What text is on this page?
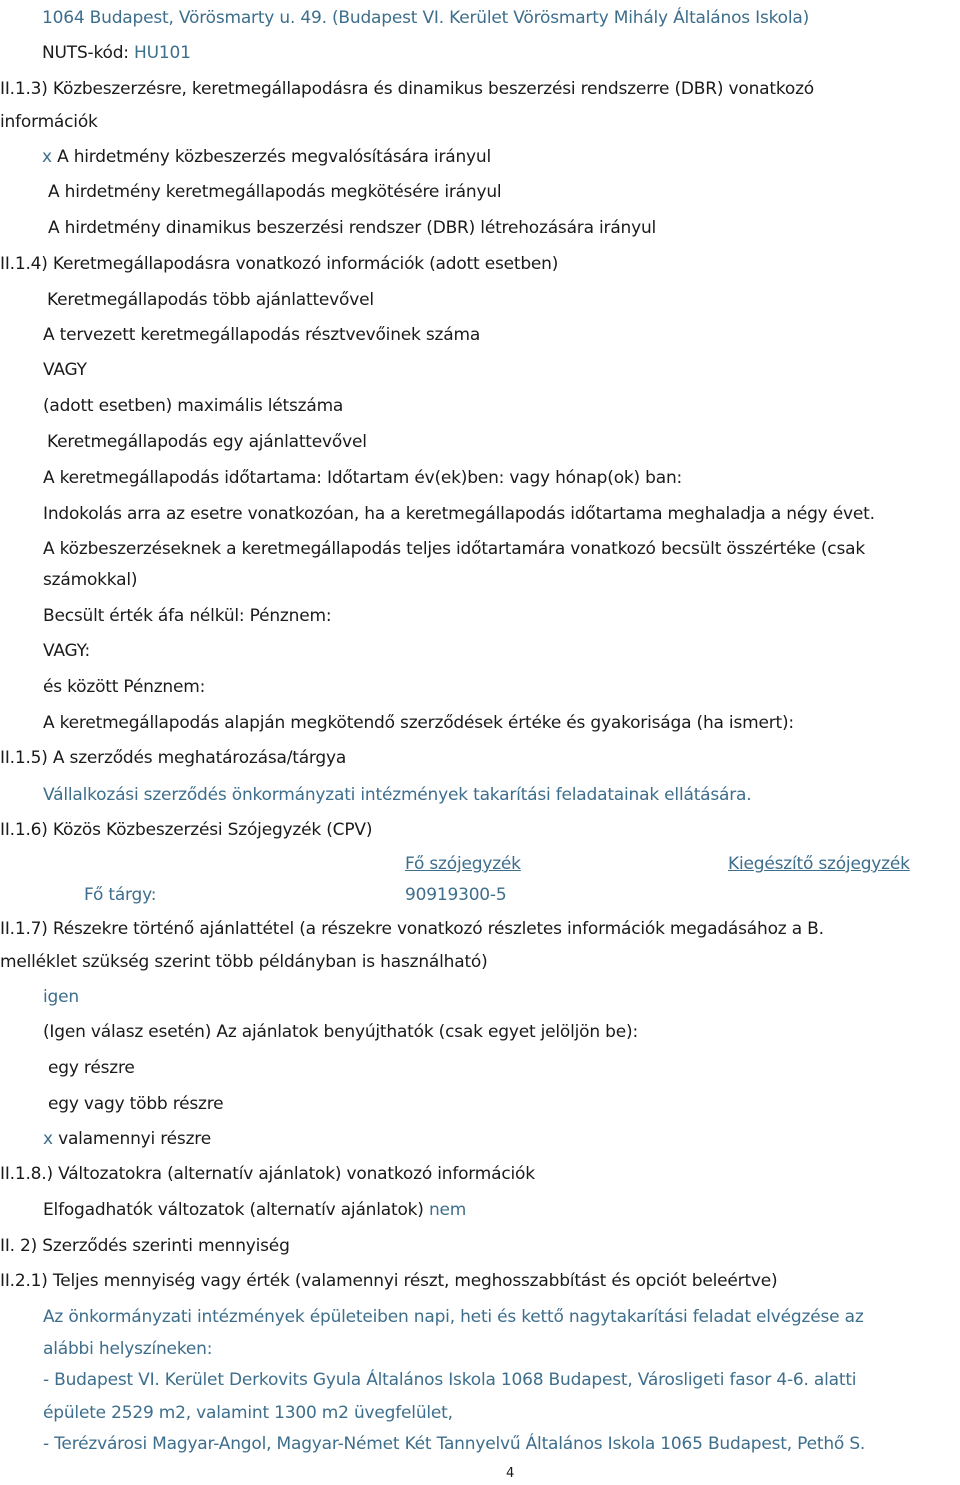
1064 Budapest, Vörösmarty u. 49. (Budapest VI. Kerület Vörösmarty Mihály Általános Iskola)
NUTS-kód: HU101
II.1.3) Közbeszerzésre, keretmegállapodásra és dinamikus beszerzési rendszerre (DBR) vonatkozó
információk
x A hirdetmény közbeszerzés megvalósítására irányul
A hirdetmény keretmegállapodás megkötésére irányul
A hirdetmény dinamikus beszerzési rendszer (DBR) létrehozására irányul
II.1.4) Keretmegállapodásra vonatkozó információk (adott esetben)
Keretmegállapodás több ajánlattevővel
A tervezett keretmegállapodás résztvevőinek száma
VAGY
(adott esetben) maximális létszáma
Keretmegállapodás egy ajánlattevővel
A keretmegállapodás időtartama: Időtartam év(ek)ben: vagy hónap(ok) ban:
Indokolás arra az esetre vonatkozóan, ha a keretmegállapodás időtartama meghaladja a négy évet.
A közbeszerzéseknek a keretmegállapodás teljes időtartamára vonatkozó becsült összértéke (csak
számokkal)
Becsült érték áfa nélkül: Pénznem:
VAGY:
és között Pénznem:
A keretmegállapodás alapján megkötendő szerződések értéke és gyakorisága (ha ismert):
II.1.5) A szerződés meghatározása/tárgya
Vállalkozási szerződés önkormányzati intézmények takarítási feladatainak ellátására.
II.1.6) Közös Közbeszerzési Szójegyzék (CPV)
Fő szójegyzék	Kiegészítő szójegyzék
Fő tárgy:	90919300-5
II.1.7) Részekre történő ajánlattétel (a részekre vonatkozó részletes információk megadásához a B.
melléklet szükség szerint több példányban is használható)
igen
(Igen válasz esetén) Az ajánlatok benyújthatók (csak egyet jelöljön be):
egy részre
egy vagy több részre
x valamennyi részre
II.1.8.) Változatokra (alternatív ajánlatok) vonatkozó információk
Elfogadhatók változatok (alternatív ajánlatok) nem
II. 2) Szerződés szerinti mennyiség
II.2.1) Teljes mennyiség vagy érték (valamennyi részt, meghosszabbítást és opciót beleértve)
Az önkormányzati intézmények épületeiben napi, heti és kettő nagytakarítási feladat elvégzése az
alábbi helyszíneken:
- Budapest VI. Kerület Derkovits Gyula Általános Iskola 1068 Budapest, Városligeti fasor 4-6. alatti
épülete 2529 m2, valamint 1300 m2 üvegfelület,
- Terézvárosi Magyar-Angol, Magyar-Német Két Tannyelvű Általános Iskola 1065 Budapest, Pethő S.
4
